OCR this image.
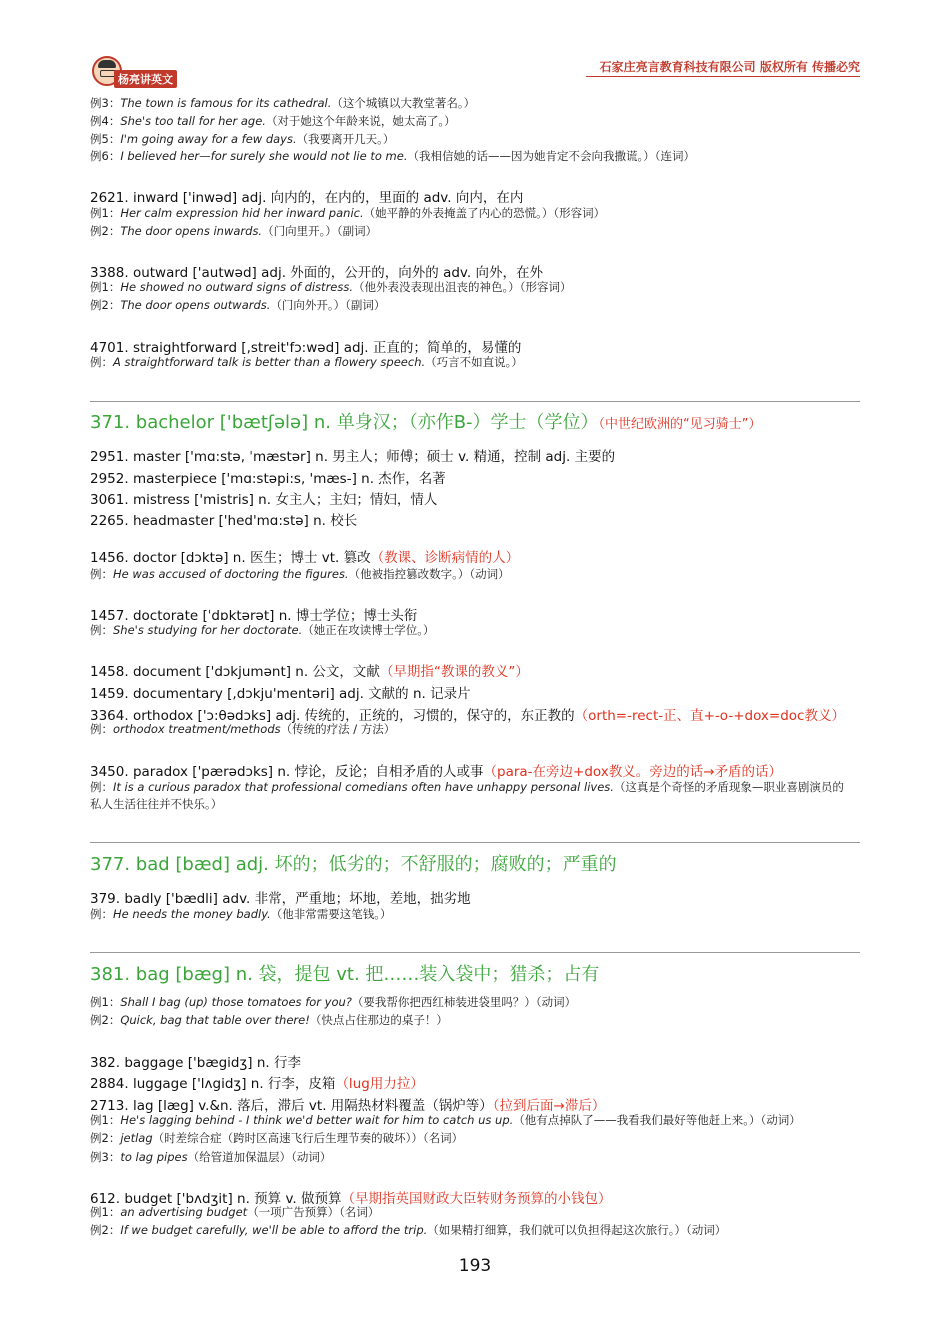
杨亮讲英文
石家庄亮言教育科技有限公司 版权所有 传播必究
例3：The town is famous for its cathedral.（这个城镇以大教堂著名。）
例4：She's too tall for her age.（对于她这个年龄来说，她太高了。）
例5：I'm going away for a few days.（我要离开几天。）
例6：I believed her—for surely she would not lie to me.（我相信她的话——因为她肯定不会向我撒谎。）（连词）
2621. inward ['inwəd] adj. 向内的，在内的，里面的 adv. 向内，在内
例1：Her calm expression hid her inward panic.（她平静的外表掩盖了内心的恐慌。）（形容词）
例2：The door opens inwards.（门向里开。）（副词）
3388. outward ['autwəd] adj. 外面的，公开的，向外的 adv. 向外，在外
例1：He showed no outward signs of distress.（他外表没表现出沮丧的神色。）（形容词）
例2：The door opens outwards.（门向外开。）（副词）
4701. straightforward [,streit'fɔ:wəd] adj. 正直的；简单的，易懂的
例：A straightforward talk is better than a flowery speech.（巧言不如直说。）
371. bachelor ['bætʃələ] n. 单身汉；（亦作B-）学士（学位）（中世纪欧洲的“见习骑士”）
2951. master ['mɑ:stə, ˈmæstər] n. 男主人；师傅；硕士 v. 精通，控制 adj. 主要的
2952. masterpiece ['mɑ:stəpi:s, 'mæs-] n. 杰作，名著
3061. mistress ['mistris] n. 女主人；主妇；情妇，情人
2265. headmaster ['hed'mɑ:stə] n. 校长
1456. doctor [dɔktə] n. 医生；博士 vt. 篡改（教课、诊断病情的人）
例：He was accused of doctoring the figures.（他被指控篡改数字。）（动词）
1457. doctorate [ˈdɒktərət] n. 博士学位；博士头衔
例：She's studying for her doctorate.（她正在攻读博士学位。）
1458. document ['dɔkjumənt] n. 公文，文献（早期指“教课的教义”）
1459. documentary [,dɔkju'mentəri] adj. 文献的 n. 记录片
3364. orthodox ['ɔ:θədɔks] adj. 传统的，正统的，习惯的，保守的，东正教的（orth=-rect-正、直+-o-+dox=doc教义）
例：orthodox treatment/methods（传统的疗法 / 方法）
3450. paradox ['pærədɔks] n. 悖论，反论；自相矛盾的人或事（para-在旁边+dox教义。旁边的话→矛盾的话）
例：It is a curious paradox that professional comedians often have unhappy personal lives.（这真是个奇怪的矛盾现象—职业喜剧演员的
私人生活往往并不快乐。）
377. bad [bæd] adj. 坏的；低劣的；不舒服的；腐败的；严重的
379. badly ['bædli] adv. 非常，严重地；坏地，差地，拙劣地
例：He needs the money badly.（他非常需要这笔钱。）
381. bag [bæg] n. 袋，提包 vt. 把……装入袋中；猎杀；占有
例1：Shall I bag (up) those tomatoes for you?（要我帮你把西红柿装进袋里吗？）（动词）
例2：Quick, bag that table over there!（快点占住那边的桌子！）
382. baggage ['bægidʒ] n. 行李
2884. luggage ['lʌgidʒ] n. 行李，皮箱（lug用力拉）
2713. lag [læg] v.&n. 落后，滞后 vt. 用隔热材料覆盖（锅炉等）（拉到后面→滞后）
例1：He's lagging behind - I think we'd better wait for him to catch us up.（他有点掉队了——我看我们最好等他赶上来。）（动词）
例2：jetlag（时差综合症（跨时区高速飞行后生理节奏的破坏））（名词）
例3：to lag pipes（给管道加保温层）（动词）
612. budget ['bʌdʒit] n. 预算 v. 做预算（早期指英国财政大臣转财务预算的小钱包）
例1：an advertising budget（一项广告预算）（名词）
例2：If we budget carefully, we'll be able to afford the trip.（如果精打细算，我们就可以负担得起这次旅行。）（动词）
193
